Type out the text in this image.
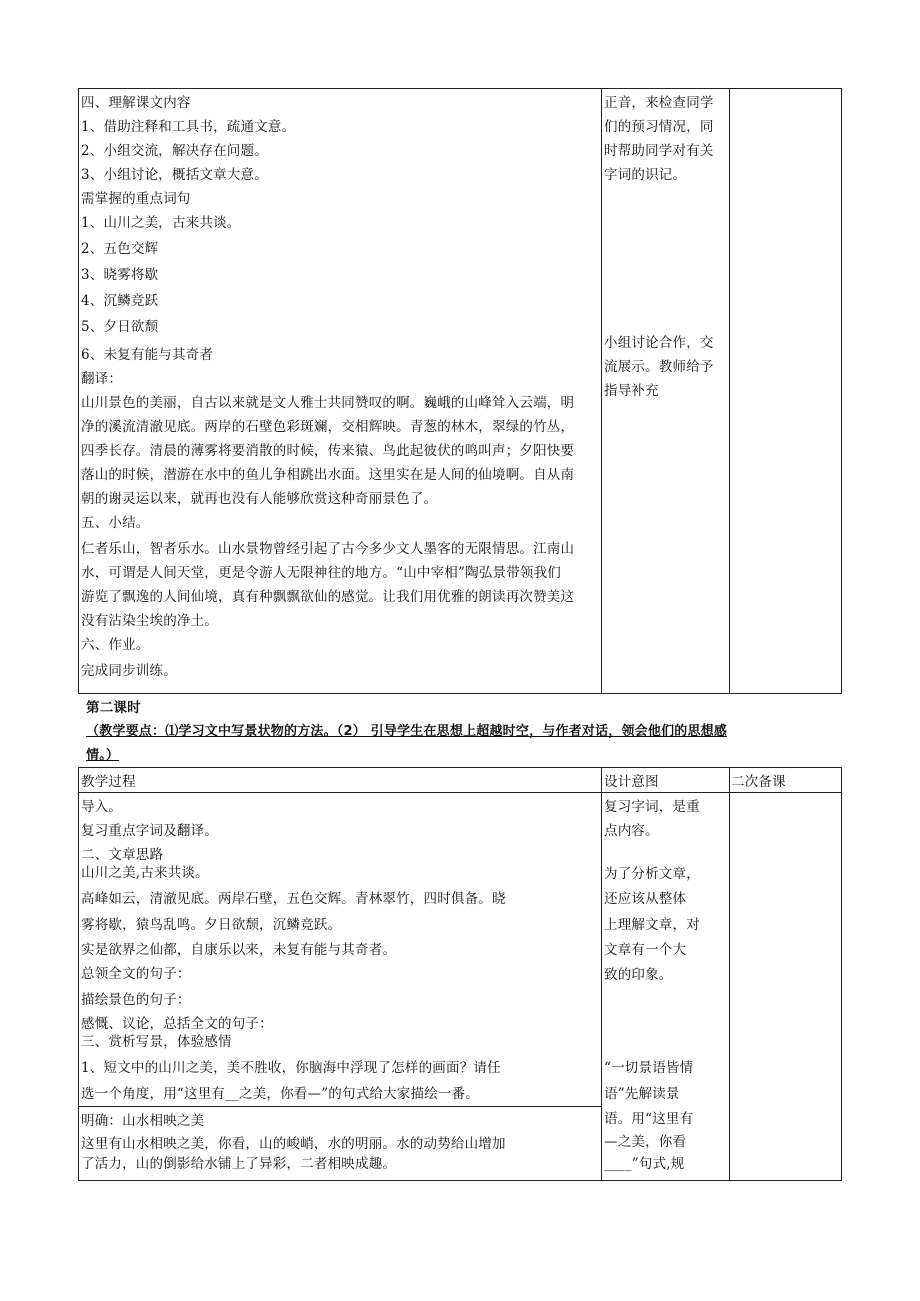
四、理解课文内容
1、借助注释和工具书，疏通文意。
2、小组交流，解决存在问题。
3、小组讨论，概括文章大意。
需掌握的重点词句
1、山川之美，古来共谈。
2、五色交辉
3、晓雾将歇
4、沉鳞竞跃
5、夕日欲颓
6、未复有能与其奇者
翻译：
山川景色的美丽，自古以来就是文人雅士共同赞叹的啊。巍峨的山峰耸入云端，明
净的溪流清澈见底。两岸的石壁色彩斑斓，交相辉映。青葱的林木，翠绿的竹丛，
四季长存。清晨的薄雾将要消散的时候，传来猿、鸟此起彼伏的鸣叫声；夕阳快要
落山的时候，潜游在水中的鱼儿争相跳出水面。这里实在是人间的仙境啊。自从南
朝的谢灵运以来，就再也没有人能够欣赏这种奇丽景色了。
五、小结。
仁者乐山，智者乐水。山水景物曾经引起了古今多少文人墨客的无限情思。江南山
水，可谓是人间天堂，更是令游人无限神往的地方。“山中宰相”陶弘景带领我们
游览了飘逸的人间仙境，真有种飘飘欲仙的感觉。让我们用优雅的朗读再次赞美这
没有沾染尘埃的净土。
六、作业。
完成同步训练。
正音，来检查同学
们的预习情况，同
时帮助同学对有关
字词的识记。
小组讨论合作，交
流展示。教师给予
指导补充
第二课时
（教学要点：⑴学习文中写景状物的方法。（2） 引导学生在思想上超越时空，与作者对话，领会他们的思想感
情。）
教学过程	设计意图	二次备课
导入。
复习重点字词及翻译。
二、文章思路
山川之美,古来共谈。
高峰如云，清澈见底。两岸石壁，五色交辉。青林翠竹，四时俱备。晓
雾将歇，猿鸟乱鸣。夕日欲颓，沉鳞竞跃。
实是欲界之仙都，自康乐以来，未复有能与其奇者。
总领全文的句子：
描绘景色的句子：
感慨、议论，总括全文的句子：
三、赏析写景，体验感情
1、短文中的山川之美，美不胜收，你脑海中浮现了怎样的画面？请任
选一个角度，用“这里有__之美，你看—”的句式给大家描绘一番。
明确：山水相映之美
这里有山水相映之美，你看，山的峻峭，水的明丽。水的动势给山增加
了活力，山的倒影给水铺上了异彩，二者相映成趣。
复习字词，是重
点内容。
为了分析文章，
还应该从整体
上理解文章，对
文章有一个大
致的印象。
“一切景语皆情
语”先解读景
语。用“这里有
—之美，你看
____”句式,规
